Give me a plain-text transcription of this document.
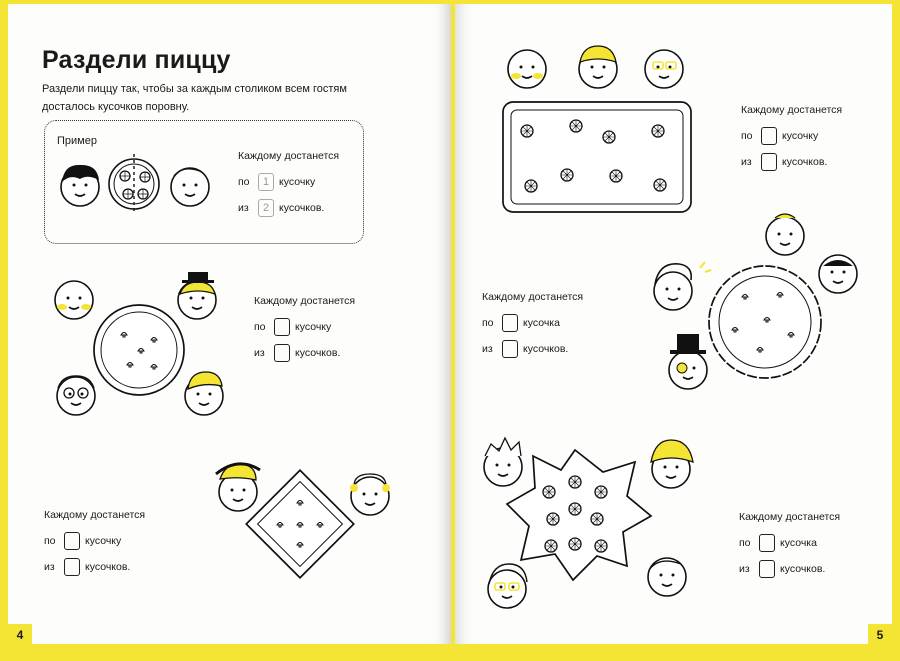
Раздели пиццу

Раздели пиццу так, чтобы за каждым столиком всем гостям досталось кусочков поровну.

Пример
Каждому достанется
по	1 кусочку
из	2 кусочков.
Каждому достанется
по	кусочку
из	кусочков.
Каждому достанется
по	кусочку
из	кусочков.
4
Каждому достанется
по	кусочку
из	кусочков.
Каждому достанется
по	кусочка
из	кусочков.
Каждому достанется
по	кусочка
из	кусочков.
5
